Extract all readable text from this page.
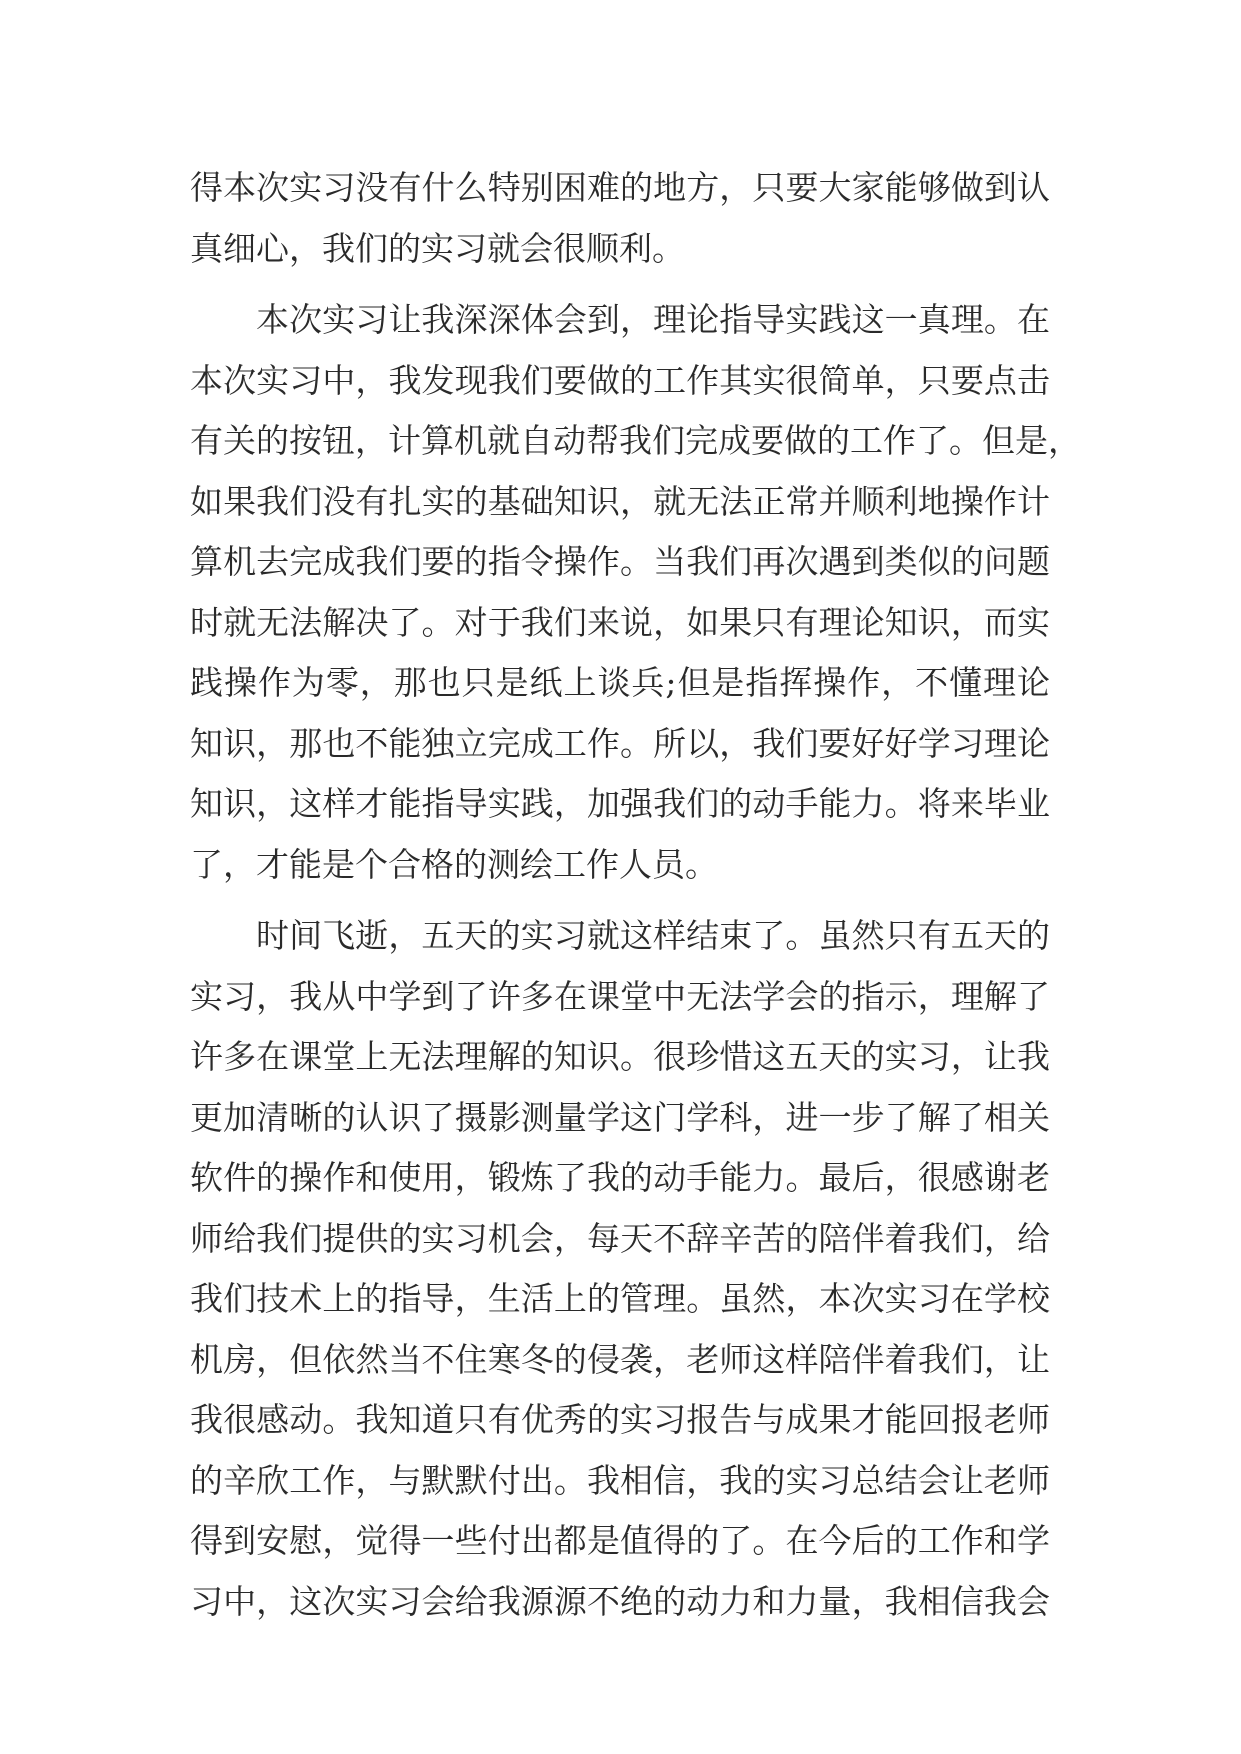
得本次实习没有什么特别困难的地方，只要大家能够做到认
真细心，我们的实习就会很顺利。
本次实习让我深深体会到，理论指导实践这一真理。在
本次实习中，我发现我们要做的工作其实很简单，只要点击
有关的按钮，计算机就自动帮我们完成要做的工作了。但是，
如果我们没有扎实的基础知识，就无法正常并顺利地操作计
算机去完成我们要的指令操作。当我们再次遇到类似的问题
时就无法解决了。对于我们来说，如果只有理论知识，而实
践操作为零，那也只是纸上谈兵;但是指挥操作，不懂理论
知识，那也不能独立完成工作。所以，我们要好好学习理论
知识，这样才能指导实践，加强我们的动手能力。将来毕业
了，才能是个合格的测绘工作人员。
时间飞逝，五天的实习就这样结束了。虽然只有五天的
实习，我从中学到了许多在课堂中无法学会的指示，理解了
许多在课堂上无法理解的知识。很珍惜这五天的实习，让我
更加清晰的认识了摄影测量学这门学科，进一步了解了相关
软件的操作和使用，锻炼了我的动手能力。最后，很感谢老
师给我们提供的实习机会，每天不辞辛苦的陪伴着我们，给
我们技术上的指导，生活上的管理。虽然，本次实习在学校
机房，但依然当不住寒冬的侵袭，老师这样陪伴着我们，让
我很感动。我知道只有优秀的实习报告与成果才能回报老师
的辛欣工作，与默默付出。我相信，我的实习总结会让老师
得到安慰，觉得一些付出都是值得的了。在今后的工作和学
习中，这次实习会给我源源不绝的动力和力量，我相信我会
